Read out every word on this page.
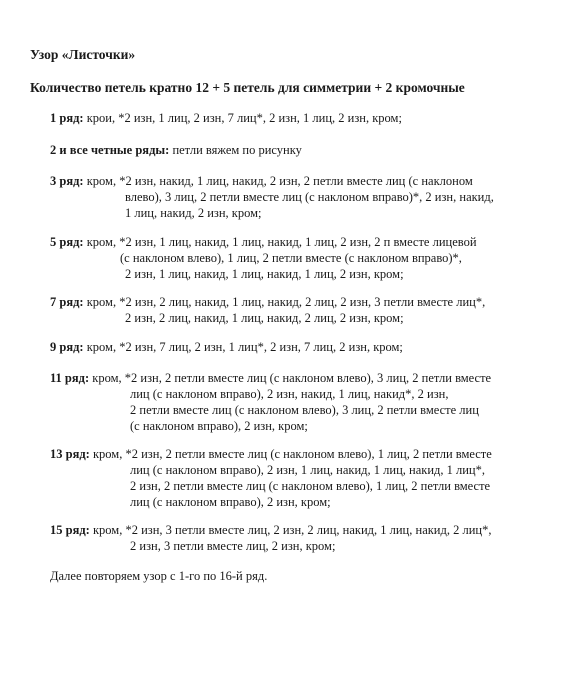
Узор «Листочки»
Количество петель кратно 12 + 5 петель для симметрии + 2 кромочные
1 ряд: крои, *2 изн, 1 лиц, 2 изн, 7 лиц*, 2 изн, 1 лиц, 2 изн, кром;
2 и все четные ряды: петли вяжем по рисунку
3 ряд: кром, *2 изн, накид, 1 лиц, накид, 2 изн, 2 петли вместе лиц (с наклоном
влево), 3 лиц, 2 петли вместе лиц (с наклоном вправо)*, 2 изн, накид,
1 лиц, накид, 2 изн, кром;
5 ряд: кром, *2 изн, 1 лиц, накид, 1 лиц, накид, 1 лиц, 2 изн, 2 п вместе лицевой
(с наклоном влево), 1 лиц, 2 петли вместе (с наклоном вправо)*,
2 изн, 1 лиц, накид, 1 лиц, накид, 1 лиц, 2 изн, кром;
7 ряд: кром, *2 изн, 2 лиц, накид, 1 лиц, накид, 2 лиц, 2 изн, 3 петли вместе лиц*,
2 изн, 2 лиц, накид, 1 лиц, накид, 2 лиц, 2 изн, кром;
9 ряд: кром, *2 изн, 7 лиц, 2 изн, 1 лиц*, 2 изн, 7 лиц, 2 изн, кром;
11 ряд: кром, *2 изн, 2 петли вместе лиц (с наклоном влево), 3 лиц, 2 петли вместе
лиц (с наклоном вправо), 2 изн, накид, 1 лиц, накид*, 2 изн,
2 петли вместе лиц (с наклоном влево), 3 лиц, 2 петли вместе лиц
(с наклоном вправо), 2 изн, кром;
13 ряд: кром, *2 изн, 2 петли вместе лиц (с наклоном влево), 1 лиц, 2 петли вместе
лиц (с наклоном вправо), 2 изн, 1 лиц, накид, 1 лиц, накид, 1 лиц*,
2 изн, 2 петли вместе лиц (с наклоном влево), 1 лиц, 2 петли вместе
лиц (с наклоном вправо), 2 изн, кром;
15 ряд: кром, *2 изн, 3 петли вместе лиц, 2 изн, 2 лиц, накид, 1 лиц, накид, 2 лиц*,
2 изн, 3 петли вместе лиц, 2 изн, кром;
Далее повторяем узор с 1-го по 16-й ряд.
